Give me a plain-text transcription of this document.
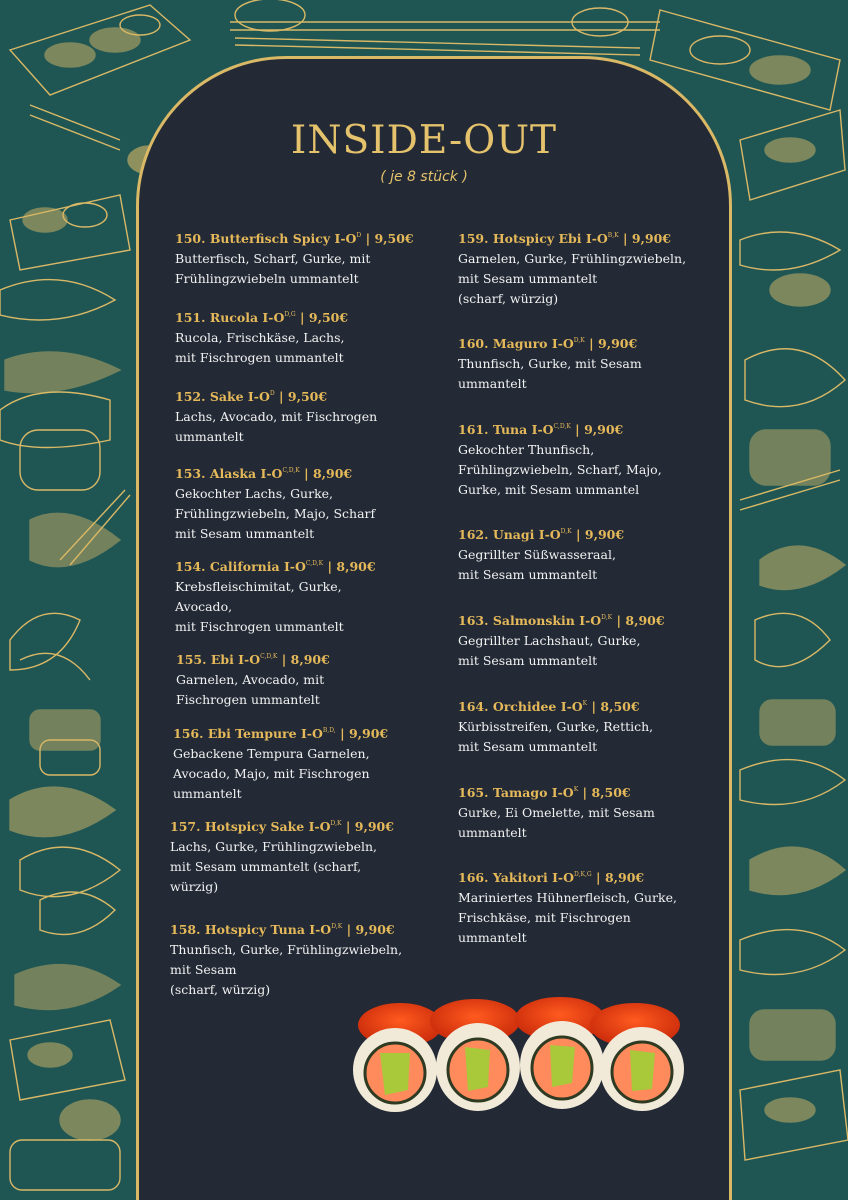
INSIDE-OUT
( je 8 stück )
150. Butterfisch Spicy $I-O^D$ | 9,50€
Butterfisch, Scharf, Gurke, mit
Frühlingzwiebeln ummantelt
151. Rucola $I-O^{D,G}$ | 9,50€
Rucola, Frischkäse, Lachs,
mit Fischrogen ummantelt
152. Sake $I-O^D$ | 9,50€
Lachs, Avocado, mit Fischrogen
ummantelt
153. Alaska $I-O^{C,D,K}$ | 8,90€
Gekochter Lachs, Gurke,
Frühlingzwiebeln, Majo, Scharf
mit Sesam ummantelt
154. California $I-O^{C,D,K}$ | 8,90€
Krebsfleischimitat, Gurke,
Avocado,
mit Fischrogen ummantelt
155. Ebi $I-O^{C,D,K}$ | 8,90€
Garnelen, Avocado, mit
Fischrogen ummantelt
156. Ebi Tempure $I-O^{B,D,}$ | 9,90€
Gebackene Tempura Garnelen,
Avocado, Majo, mit Fischrogen
ummantelt
157. Hotspicy Sake $I-O^{D,K}$ | 9,90€
Lachs, Gurke, Frühlingzwiebeln,
mit Sesam ummantelt (scharf,
würzig)
158. Hotspicy Tuna $I-O^{D,K}$ | 9,90€
Thunfisch, Gurke, Frühlingzwiebeln,
mit Sesam
(scharf, würzig)
159. Hotspicy Ebi $I-O^{B,K}$ | 9,90€
Garnelen, Gurke, Frühlingzwiebeln,
mit Sesam ummantelt
(scharf, würzig)
160. Maguro $I-O^{D,K}$ | 9,90€
Thunfisch, Gurke, mit Sesam
ummantelt
161. Tuna $I-O^{C,D,K}$ | 9,90€
Gekochter Thunfisch,
Frühlingzwiebeln, Scharf, Majo,
Gurke, mit Sesam ummantel
162. Unagi $I-O^{D,K}$ | 9,90€
Gegrillter Süßwasseraal,
mit Sesam ummantelt
163. Salmonskin $I-O^{D,K}$ | 8,90€
Gegrillter Lachshaut, Gurke,
mit Sesam ummantelt
164. Orchidee $I-O^K$ | 8,50€
Kürbisstreifen, Gurke, Rettich,
mit Sesam ummantelt
165. Tamago $I-O^K$ | 8,50€
Gurke, Ei Omelette, mit Sesam
ummantelt
166. Yakitori $I-O^{D,K,G}$ | 8,90€
Mariniertes Hühnerfleisch, Gurke,
Frischkäse, mit Fischrogen
ummantelt
